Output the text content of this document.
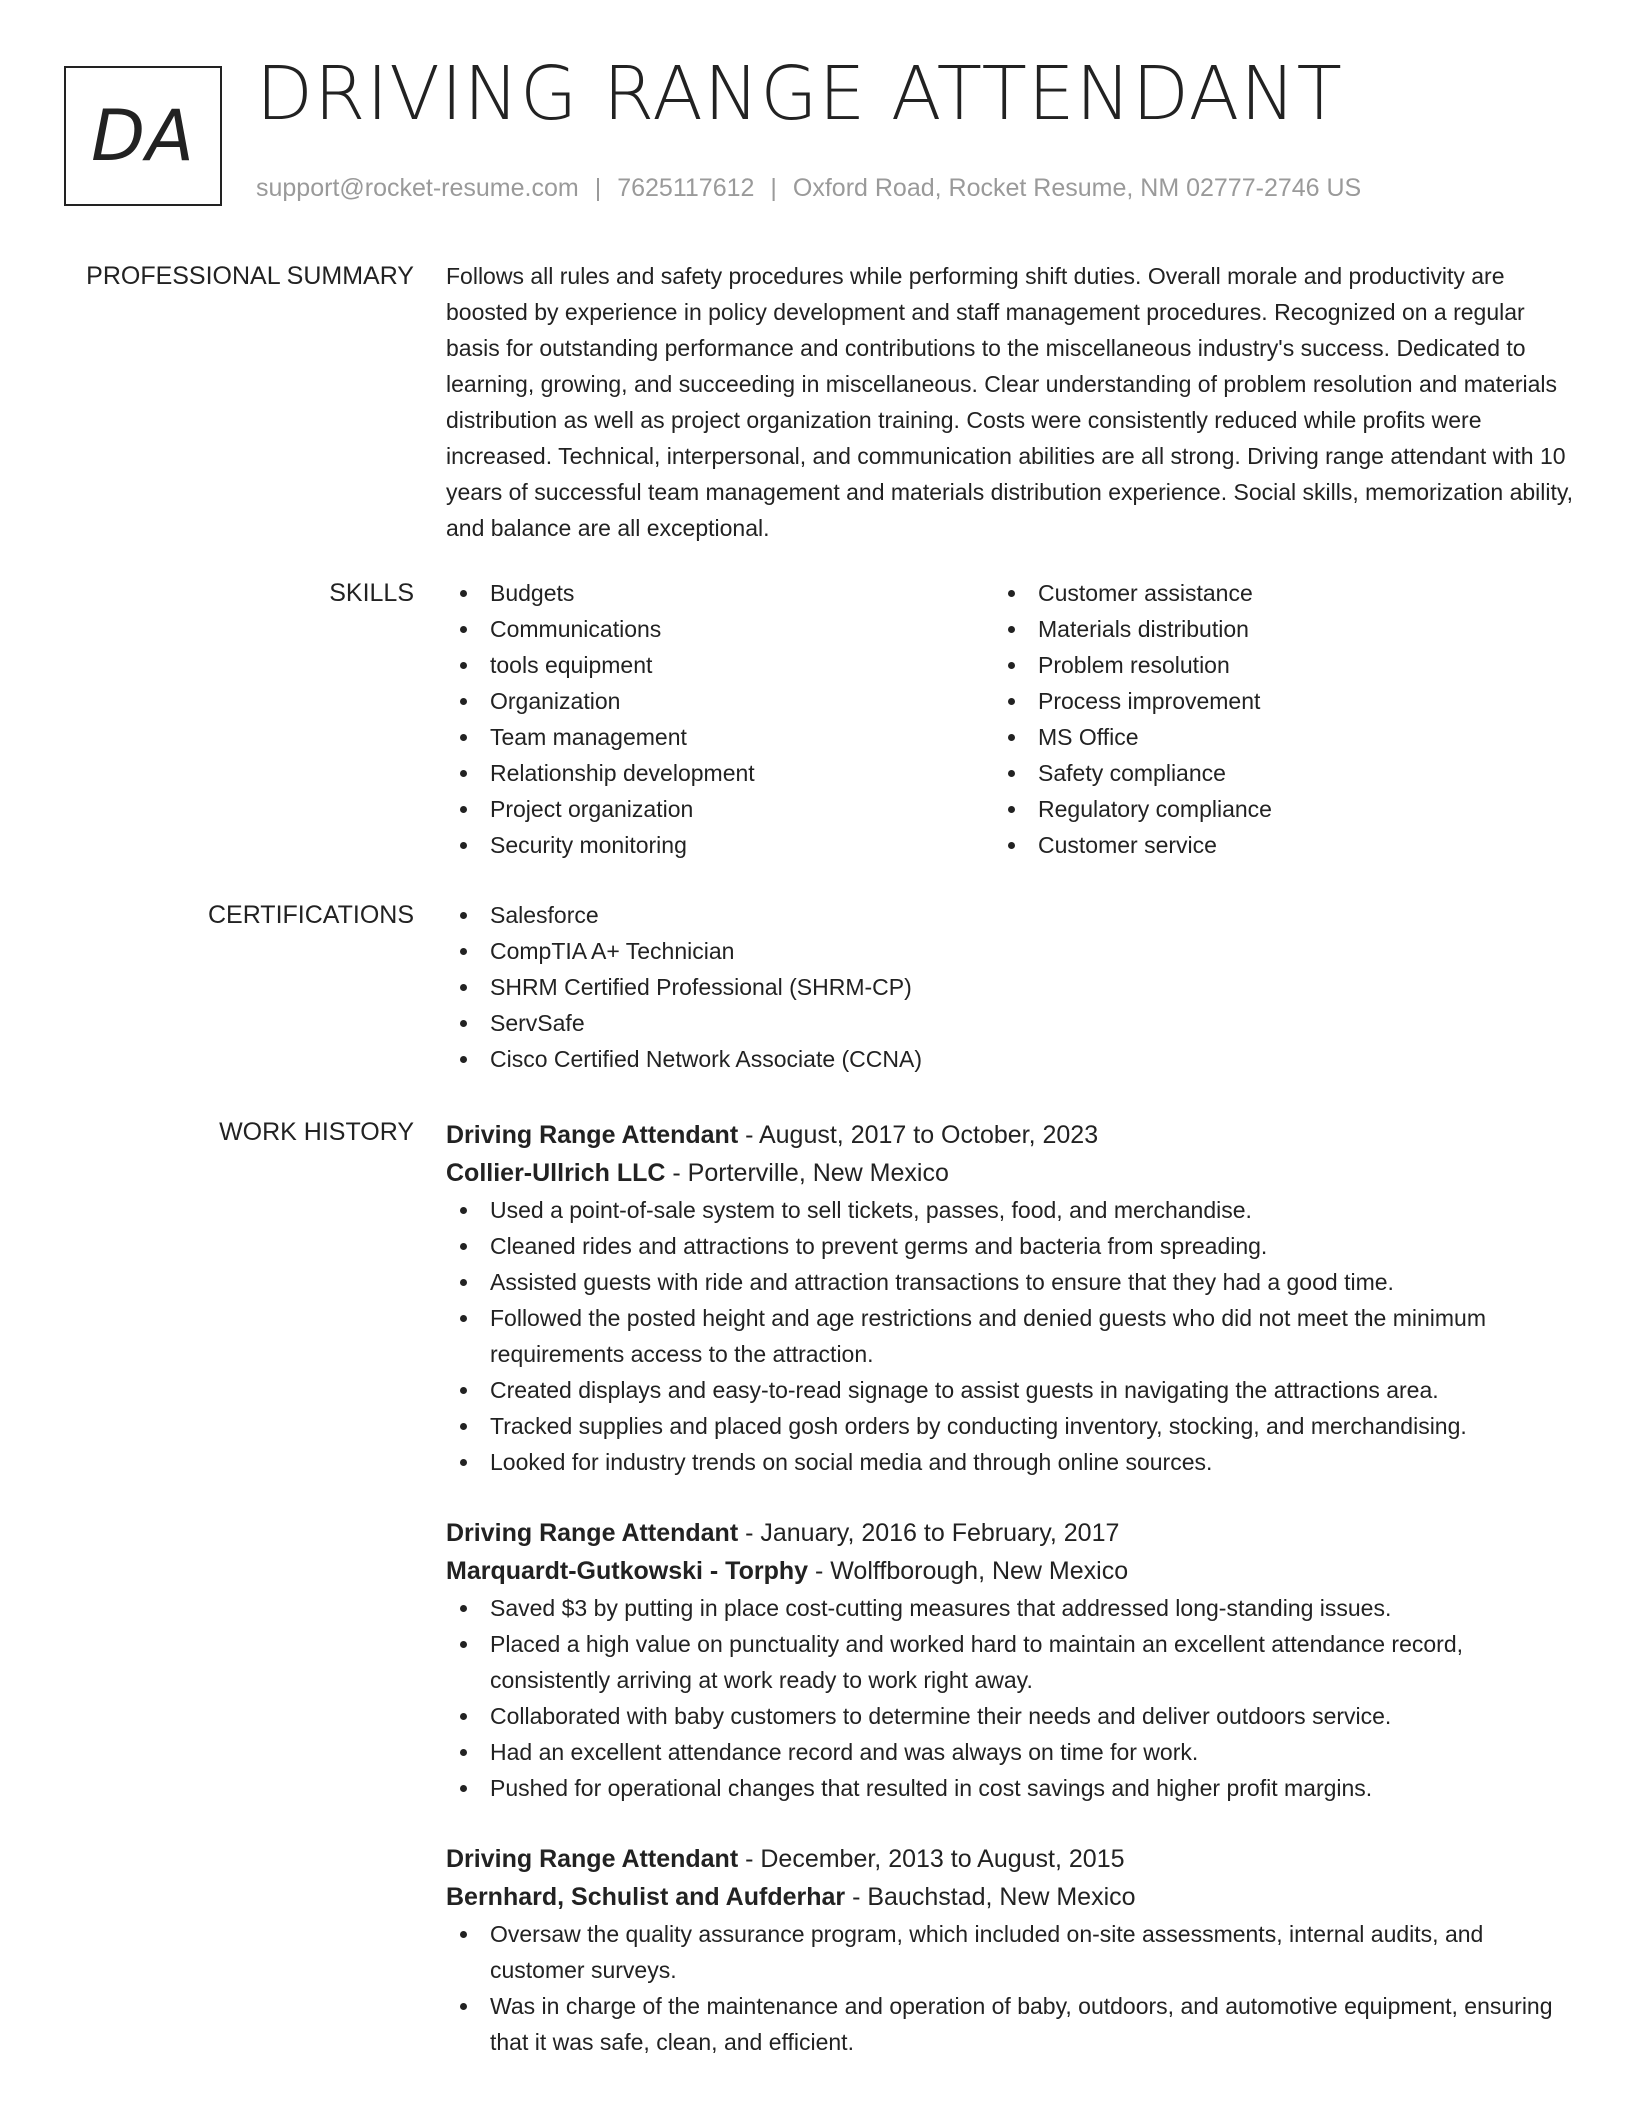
DA DRIVING RANGE ATTENDANT
support@rocket-resume.com | 7625117612 | Oxford Road, Rocket Resume, NM 02777-2746 US
PROFESSIONAL SUMMARY Follows all rules and safety procedures while performing shift duties. Overall morale and productivity are boosted by experience in policy development and staff management procedures. Recognized on a regular basis for outstanding performance and contributions to the miscellaneous industry's success. Dedicated to learning, growing, and succeeding in miscellaneous. Clear understanding of problem resolution and materials distribution as well as project organization training. Costs were consistently reduced while profits were increased. Technical, interpersonal, and communication abilities are all strong. Driving range attendant with 10 years of successful team management and materials distribution experience. Social skills, memorization ability, and balance are all exceptional.

SKILLS	Budgets
Communications
tools equipment
Organization
Team management
Relationship development
Project organization
Security monitoring
Customer assistance
Materials distribution
Problem resolution
Process improvement
MS Office
Safety compliance
Regulatory compliance
Customer service
CERTIFICATIONS	Salesforce
CompTIA A+ Technician
SHRM Certified Professional (SHRM-CP)
ServSafe
Cisco Certified Network Associate (CCNA)
WORK HISTORY Driving Range Attendant - August, 2017 to October, 2023
Collier-Ullrich LLC - Porterville, New Mexico
Used a point-of-sale system to sell tickets, passes, food, and merchandise.
Cleaned rides and attractions to prevent germs and bacteria from spreading.
Assisted guests with ride and attraction transactions to ensure that they had a good time.
Followed the posted height and age restrictions and denied guests who did not meet the minimum requirements access to the attraction.
Created displays and easy-to-read signage to assist guests in navigating the attractions area.
Tracked supplies and placed gosh orders by conducting inventory, stocking, and merchandising.
Looked for industry trends on social media and through online sources.
Driving Range Attendant - January, 2016 to February, 2017
Marquardt-Gutkowski - Torphy - Wolffborough, New Mexico
Saved $3 by putting in place cost-cutting measures that addressed long-standing issues.
Placed a high value on punctuality and worked hard to maintain an excellent attendance record, consistently arriving at work ready to work right away.
Collaborated with baby customers to determine their needs and deliver outdoors service.
Had an excellent attendance record and was always on time for work.
Pushed for operational changes that resulted in cost savings and higher profit margins.
Driving Range Attendant - December, 2013 to August, 2015
Bernhard, Schulist and Aufderhar - Bauchstad, New Mexico
Oversaw the quality assurance program, which included on-site assessments, internal audits, and customer surveys.
Was in charge of the maintenance and operation of baby, outdoors, and automotive equipment, ensuring that it was safe, clean, and efficient.
